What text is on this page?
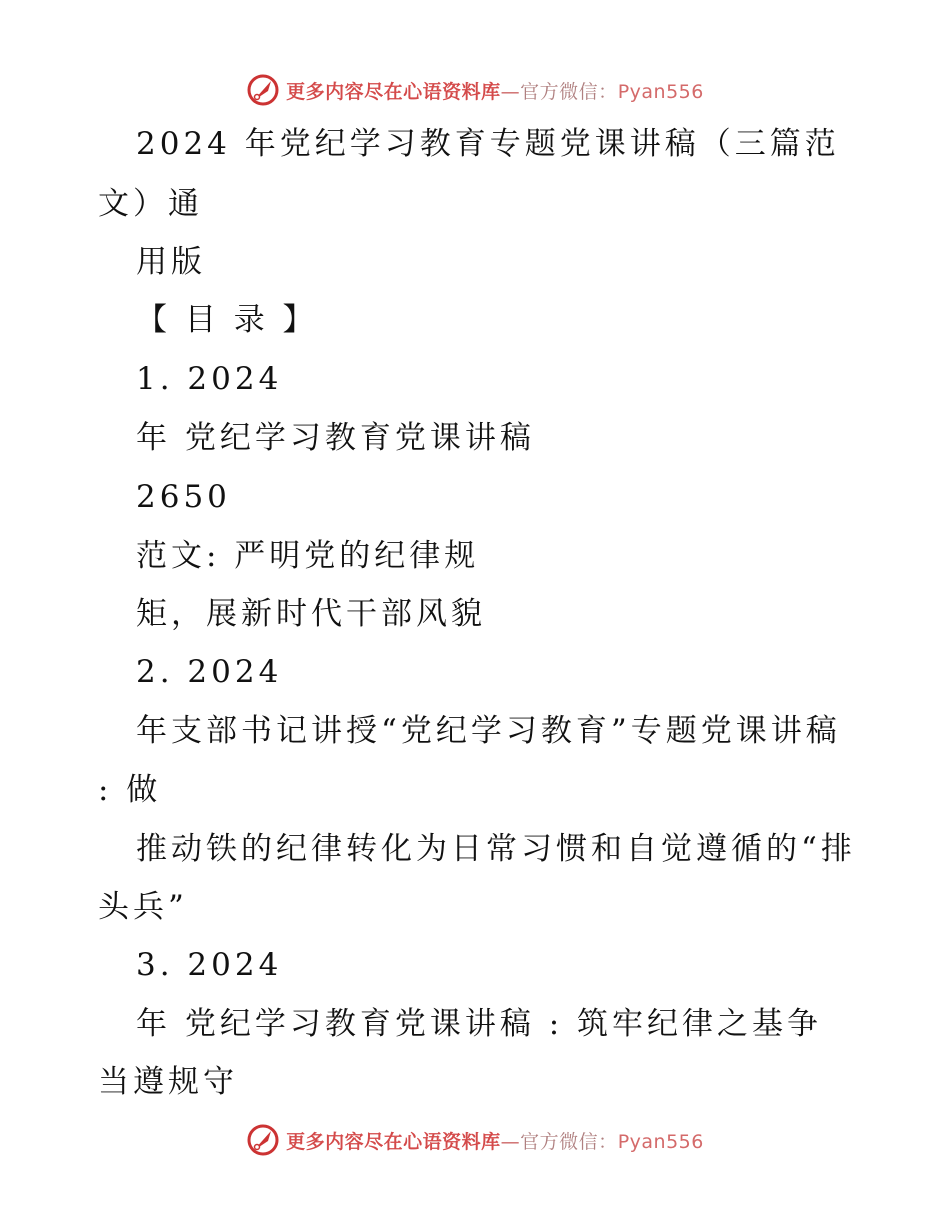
更多内容尽在心语资料库—官方微信：Pyan556
2024 年党纪学习教育专题党课讲稿（三篇范
文）通
用版
【 目 录 】
1. 2024
年 党纪学习教育党课讲稿
2650
范文: 严明党的纪律规
矩，展新时代干部风貌
2. 2024
年支部书记讲授“党纪学习教育”专题党课讲稿
: 做
推动铁的纪律转化为日常习惯和自觉遵循的“排
头兵”
3. 2024
年 党纪学习教育党课讲稿 : 筑牢纪律之基争
当遵规守
更多内容尽在心语资料库—官方微信：Pyan556
